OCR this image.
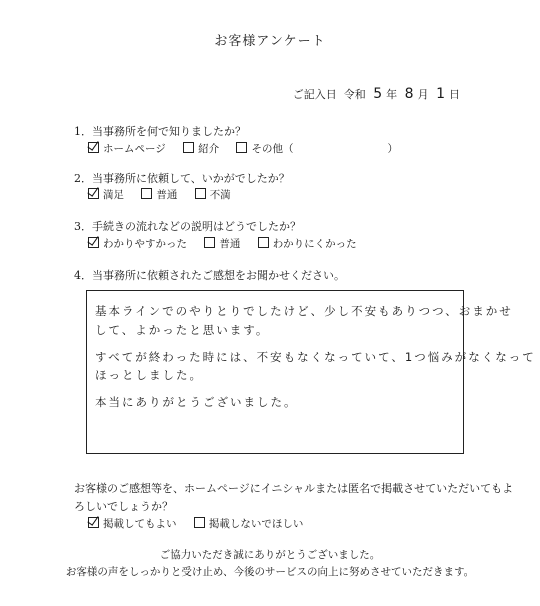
お客様アンケート
ご記入日 令和 5 年 8 月 1 日
1．当事務所を何で知りましたか？
ホームページ	紹介	その他（	）
2．当事務所に依頼して、いかがでしたか？
満足	普通	不満
3．手続きの流れなどの説明はどうでしたか？
わかりやすかった	普通	わかりにくかった
4．当事務所に依頼されたご感想をお聞かせください。
基本ラインでのやりとりでしたけど、少し不安もありつつ、おまかせ
して、よかったと思います。
すべてが終わった時には、不安もなくなっていて、1つ悩みがなくなって
ほっとしました。
本当にありがとうございました。
お客様のご感想等を、ホームページにイニシャルまたは匿名で掲載させていただいてもよ
ろしいでしょうか？
掲載してもよい	掲載しないでほしい
ご協力いただき誠にありがとうございました。
お客様の声をしっかりと受け止め、今後のサービスの向上に努めさせていただきます。
